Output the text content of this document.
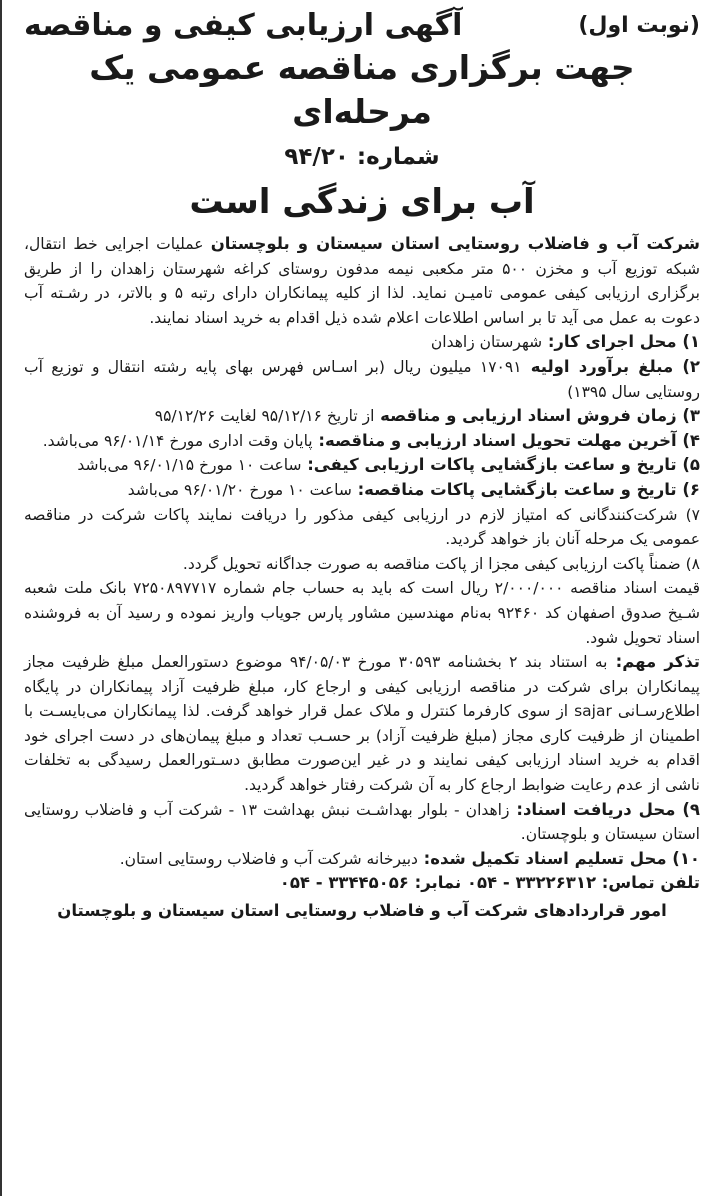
آگهی ارزیابی کیفی و مناقصه	(نوبت اول)
جهت برگزاری مناقصه عمومی یک مرحله‌ای
شماره: ۹۴/۲۰
آب برای زندگی است

شرکت آب و فاضلاب روستایی استان سیستان و بلوچستان عملیات اجرایی خط انتقال، شبکه توزیع آب و مخزن ۵۰۰ متر مکعبی نیمه مدفون روستای کراغه شهرستان زاهدان را از طریق برگزاری ارزیابی کیفی عمومی تامیـن نماید. لذا از کلیه پیمانکاران دارای رتبه ۵ و بالاتر، در رشـته آب دعوت به عمل می آید تا بر اساس اطلاعات اعلام شده ذیل اقدام به خرید اسناد نمایند.

۱) محل اجرای کار: شهرستان زاهدان

۲) مبلغ برآورد اولیه ۱۷۰۹۱ میلیون ریال (بر اسـاس فهرس بهای پایه رشته انتقال و توزیع آب روستایی سال ۱۳۹۵)

۳) زمان فروش اسناد ارزیابی و مناقصه از تاریخ ۹۵/۱۲/۱۶ لغایت ۹۵/۱۲/۲۶

۴) آخرین مهلت تحویل اسناد ارزیابی و مناقصه: پایان وقت اداری مورخ ۹۶/۰۱/۱۴ می‌باشد.

۵) تاریخ و ساعت بازگشایی پاکات ارزیابی کیفی: ساعت ۱۰ مورخ ۹۶/۰۱/۱۵ می‌باشد

۶) تاریخ و ساعت بازگشایی پاکات مناقصه: ساعت ۱۰ مورخ ۹۶/۰۱/۲۰ می‌باشد

۷) شرکت‌کنندگانی که امتیاز لازم در ارزیابی کیفی مذکور را دریافت نمایند پاکات شرکت در مناقصه عمومی یک مرحله آنان باز خواهد گردید.

۸) ضمناً پاکت ارزیابی کیفی مجزا از پاکت مناقصه به صورت جداگانه تحویل گردد.

قیمت اسناد مناقصه ۲/۰۰۰/۰۰۰ ریال است که باید به حساب جام شماره ۷۲۵۰۸۹۷۷۱۷ بانک ملت شعبه شـیخ صدوق اصفهان کد ۹۲۴۶۰ به‌نام مهندسین مشاور پارس جویاب واریز نموده و رسید آن به فروشنده اسناد تحویل شود.

تذکر مهم: به استناد بند ۲ بخشنامه ۳۰۵۹۳ مورخ ۹۴/۰۵/۰۳ موضوع دستورالعمل مبلغ ظرفیت مجاز پیمانکاران برای شرکت در مناقصه ارزیابی کیفی و ارجاع کار، مبلغ ظرفیت آزاد پیمانکاران در پایگاه اطلاع‌رسـانی sajar از سوی کارفرما کنترل و ملاک عمل قرار خواهد گرفت. لذا پیمانکاران می‌بایسـت با اطمینان از ظرفیت کاری مجاز (مبلغ ظرفیت آزاد) بر حسـب تعداد و مبلغ پیمان‌های در دست اجرای خود اقدام به خرید اسناد ارزیابی کیفی نمایند و در غیر این‌صورت مطابق دسـتورالعمل رسیدگی به تخلفات ناشی از عدم رعایت ضوابط ارجاع کار به آن شرکت رفتار خواهد گردید.

۹) محل دریافت اسناد: زاهدان - بلوار بهداشـت نبش بهداشت ۱۳ - شرکت آب و فاضلاب روستایی استان سیستان و بلوچستان.

۱۰) محل تسلیم اسناد تکمیل شده: دبیرخانه شرکت آب و فاضلاب روستایی استان.

تلفن تماس: ۳۳۲۲۶۳۱۲ - ۰۵۴ نمابر: ۳۳۴۴۵۰۵۶ - ۰۵۴

امور قراردادهای شرکت آب و فاضلاب روستایی استان سیستان و بلوچستان
